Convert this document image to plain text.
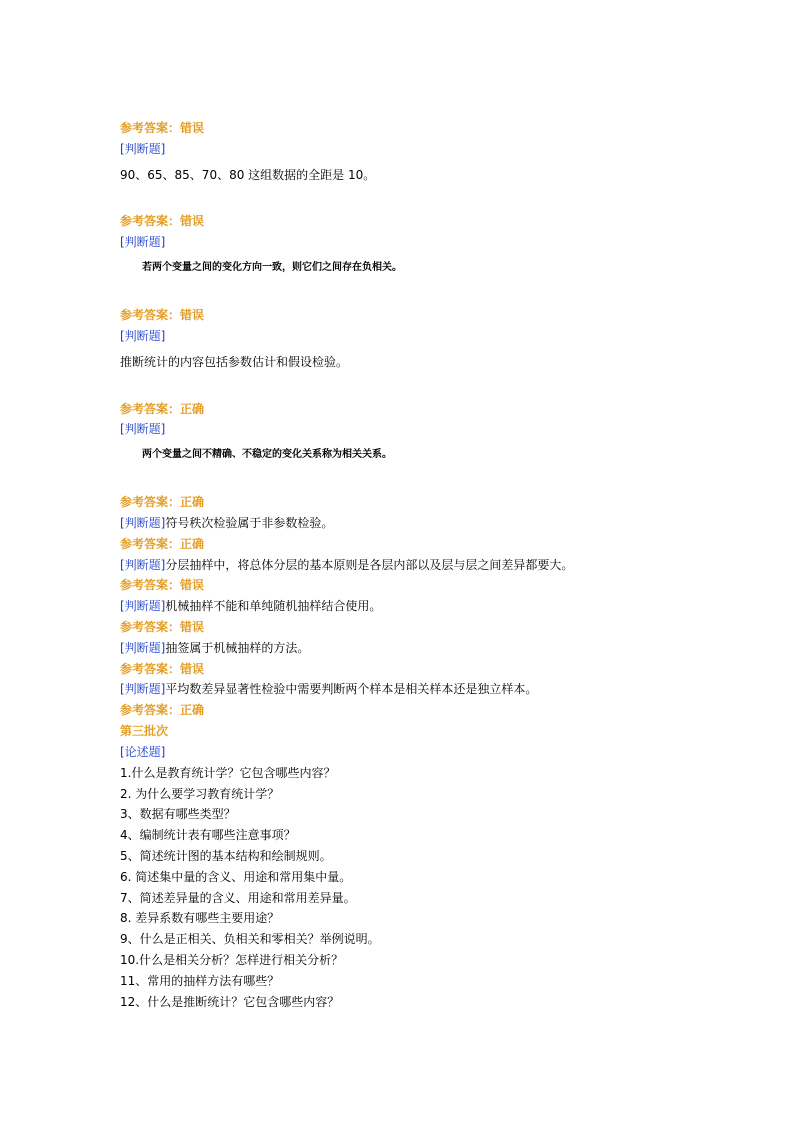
参考答案：错误
[判断题]
90、65、85、70、80 这组数据的全距是 10。
参考答案：错误
[判断题]
若两个变量之间的变化方向一致，则它们之间存在负相关。
参考答案：错误
[判断题]
推断统计的内容包括参数估计和假设检验。
参考答案：正确
[判断题]
两个变量之间不精确、不稳定的变化关系称为相关关系。
参考答案：正确
[判断题]符号秩次检验属于非参数检验。
参考答案：正确
[判断题]分层抽样中，将总体分层的基本原则是各层内部以及层与层之间差异都要大。
参考答案：错误
[判断题]机械抽样不能和单纯随机抽样结合使用。
参考答案：错误
[判断题]抽签属于机械抽样的方法。
参考答案：错误
[判断题]平均数差异显著性检验中需要判断两个样本是相关样本还是独立样本。
参考答案：正确
第三批次
[论述题]
1.什么是教育统计学？它包含哪些内容？
2. 为什么要学习教育统计学？
3、数据有哪些类型？
4、编制统计表有哪些注意事项？
5、简述统计图的基本结构和绘制规则。
6. 简述集中量的含义、用途和常用集中量。
7、简述差异量的含义、用途和常用差异量。
8. 差异系数有哪些主要用途？
9、什么是正相关、负相关和零相关？举例说明。
10.什么是相关分析？怎样进行相关分析？
11、常用的抽样方法有哪些？
12、什么是推断统计？它包含哪些内容？
